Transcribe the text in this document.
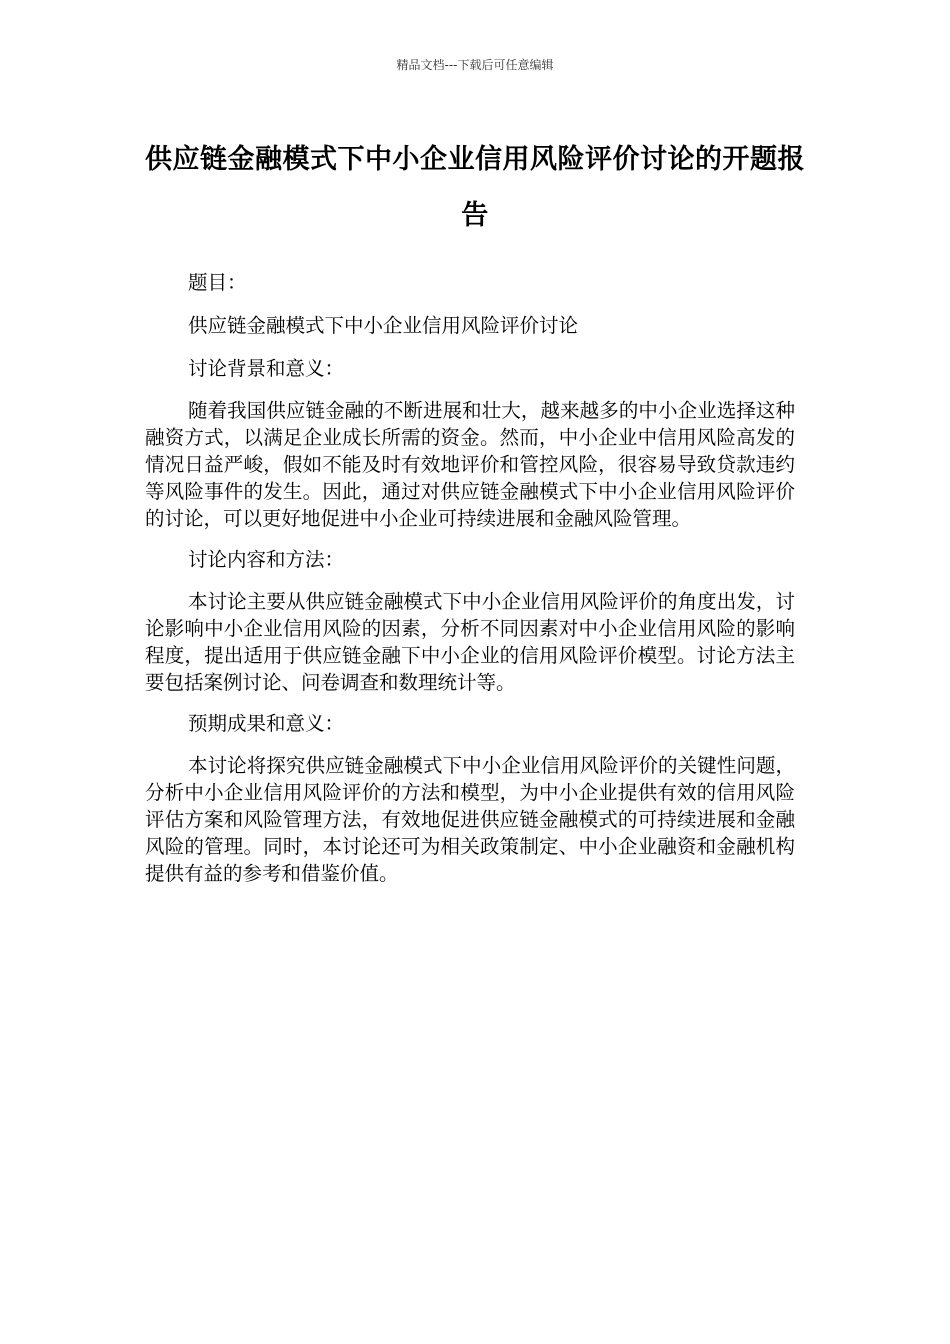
精品文档---下载后可任意编辑
供应链金融模式下中小企业信用风险评价讨论的开题报告

题目：

供应链金融模式下中小企业信用风险评价讨论

讨论背景和意义：

随着我国供应链金融的不断进展和壮大，越来越多的中小企业选择这种融资方式，以满足企业成长所需的资金。然而，中小企业中信用风险高发的情况日益严峻，假如不能及时有效地评价和管控风险，很容易导致贷款违约等风险事件的发生。因此，通过对供应链金融模式下中小企业信用风险评价的讨论，可以更好地促进中小企业可持续进展和金融风险管理。

讨论内容和方法：

本讨论主要从供应链金融模式下中小企业信用风险评价的角度出发，讨论影响中小企业信用风险的因素，分析不同因素对中小企业信用风险的影响程度，提出适用于供应链金融下中小企业的信用风险评价模型。讨论方法主要包括案例讨论、问卷调查和数理统计等。

预期成果和意义：

本讨论将探究供应链金融模式下中小企业信用风险评价的关键性问题，分析中小企业信用风险评价的方法和模型，为中小企业提供有效的信用风险评估方案和风险管理方法，有效地促进供应链金融模式的可持续进展和金融风险的管理。同时，本讨论还可为相关政策制定、中小企业融资和金融机构提供有益的参考和借鉴价值。
